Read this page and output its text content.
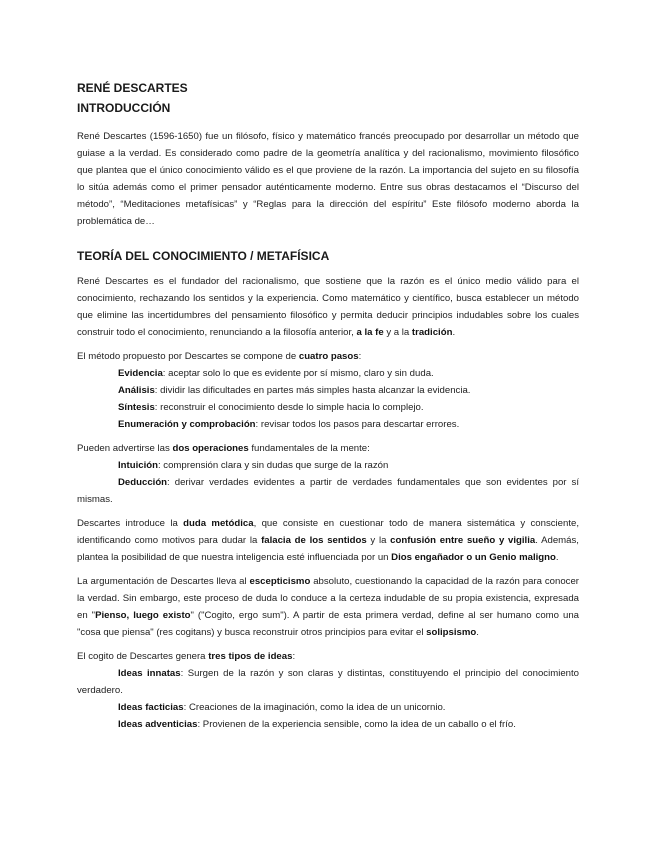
RENÉ DESCARTES
INTRODUCCIÓN

René Descartes (1596-1650) fue un filósofo, físico y matemático francés preocupado por desarrollar un método que guiase a la verdad. Es considerado como padre de la geometría analítica y del racionalismo, movimiento filosófico que plantea que el único conocimiento válido es el que proviene de la razón. La importancia del sujeto en su filosofía lo sitúa además como el primer pensador auténticamente moderno. Entre sus obras destacamos el “Discurso del método”, “Meditaciones metafísicas” y “Reglas para la dirección del espíritu” Este filósofo moderno aborda la problemática de…

TEORÍA DEL CONOCIMIENTO / METAFÍSICA

René Descartes es el fundador del racionalismo, que sostiene que la razón es el único medio válido para el conocimiento, rechazando los sentidos y la experiencia. Como matemático y científico, busca establecer un método que elimine las incertidumbres del pensamiento filosófico y permita deducir principios indudables sobre los cuales construir todo el conocimiento, renunciando a la filosofía anterior, a la fe y a la tradición.

El método propuesto por Descartes se compone de cuatro pasos:

Evidencia: aceptar solo lo que es evidente por sí mismo, claro y sin duda.
Análisis: dividir las dificultades en partes más simples hasta alcanzar la evidencia.
Síntesis: reconstruir el conocimiento desde lo simple hacia lo complejo.
Enumeración y comprobación: revisar todos los pasos para descartar errores.

Pueden advertirse las dos operaciones fundamentales de la mente:

Intuición: comprensión clara y sin dudas que surge de la razón
Deducción: derivar verdades evidentes a partir de verdades fundamentales que son evidentes por sí mismas.

Descartes introduce la duda metódica, que consiste en cuestionar todo de manera sistemática y consciente, identificando como motivos para dudar la falacia de los sentidos y la confusión entre sueño y vigilia. Además, plantea la posibilidad de que nuestra inteligencia esté influenciada por un Dios engañador o un Genio maligno.

La argumentación de Descartes lleva al escepticismo absoluto, cuestionando la capacidad de la razón para conocer la verdad. Sin embargo, este proceso de duda lo conduce a la certeza indudable de su propia existencia, expresada en "Pienso, luego existo" ("Cogito, ergo sum"). A partir de esta primera verdad, define al ser humano como una "cosa que piensa" (res cogitans) y busca reconstruir otros principios para evitar el solipsismo.

El cogito de Descartes genera tres tipos de ideas:

Ideas innatas: Surgen de la razón y son claras y distintas, constituyendo el principio del conocimiento verdadero.
Ideas facticias: Creaciones de la imaginación, como la idea de un unicornio.
Ideas adventicias: Provienen de la experiencia sensible, como la idea de un caballo o el frío.
